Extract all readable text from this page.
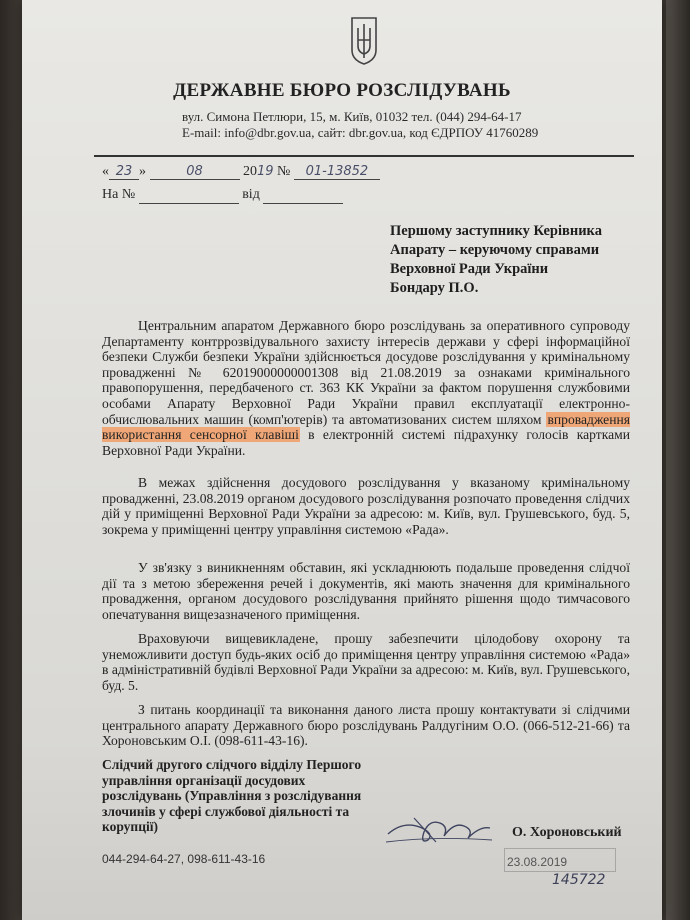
ДЕРЖАВНЕ БЮРО РОЗСЛІДУВАНЬ
вул. Симона Петлюри, 15, м. Київ, 01032 тел. (044) 294-64-17
E-mail: info@dbr.gov.ua, сайт: dbr.gov.ua, код ЄДРПОУ 41760289
« 23 »	08	2019 № 01-13852
На №	від
Першому заступнику Керівника
Апарату – керуючому справами
Верховної Ради України
Бондару П.О.

Центральним апаратом Державного бюро розслідувань за оперативного супроводу Департаменту контррозвідувального захисту інтересів держави у сфері інформаційної безпеки Служби безпеки України здійснюється досудове розслідування у кримінальному провадженні № 62019000000001308 від 21.08.2019 за ознаками кримінального правопорушення, передбаченого ст. 363 КК України за фактом порушення службовими особами Апарату Верховної Ради України правил експлуатації електронно-обчислювальних машин (комп'ютерів) та автоматизованих систем шляхом впровадження використання сенсорної клавіші в електронній системі підрахунку голосів картками Верховної Ради України.

В межах здійснення досудового розслідування у вказаному кримінальному провадженні, 23.08.2019 органом досудового розслідування розпочато проведення слідчих дій у приміщенні Верховної Ради України за адресою: м. Київ, вул. Грушевського, буд. 5, зокрема у приміщенні центру управління системою «Рада».

У зв'язку з виникненням обставин, які ускладнюють подальше проведення слідчої дії та з метою збереження речей і документів, які мають значення для кримінального провадження, органом досудового розслідування прийнято рішення щодо тимчасового опечатування вищезазначеного приміщення.

Враховуючи вищевикладене, прошу забезпечити цілодобову охорону та унеможливити доступ будь-яких осіб до приміщення центру управління системою «Рада» в адміністративній будівлі Верховної Ради України за адресою: м. Київ, вул. Грушевського, буд. 5.

З питань координації та виконання даного листа прошу контактувати зі слідчими центрального апарату Державного бюро розслідувань Ралдугіним О.О. (066-512-21-66) та Хороновським О.І. (098-611-43-16).

Слідчий другого слідчого відділу Першого управління організації досудових розслідувань (Управління з розслідування злочинів у сфері службової діяльності та корупції)	О. Хороновський
044-294-64-27, 098-611-43-16	23.08.2019
145722
